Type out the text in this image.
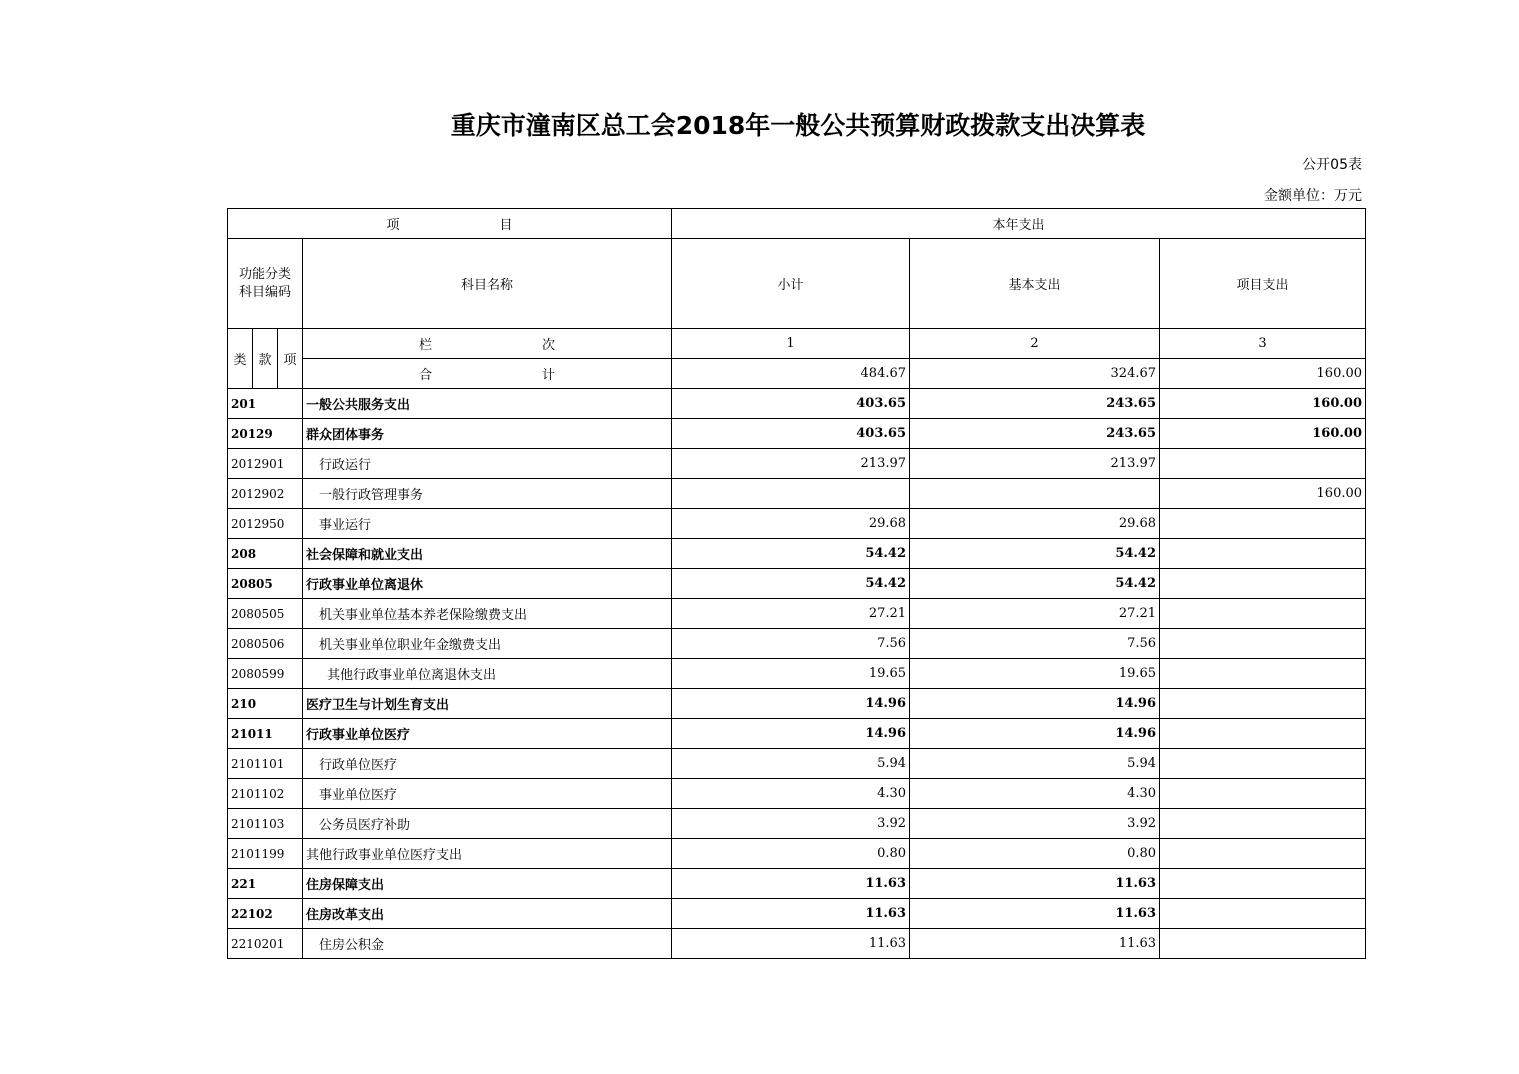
重庆市潼南区总工会2018年一般公共预算财政拨款支出决算表
公开05表
金额单位：万元
项 目				本年支出		
功能分类
科目编码			科目名称	小计	基本支出	项目支出
类	款	项	栏 次	1	2	3
			合 计	484.67	324.67	160.00
201			一般公共服务支出	403.65	243.65	160.00
20129			群众团体事务	403.65	243.65	160.00
2012901			行政运行	213.97	213.97	
2012902			一般行政管理事务			160.00
2012950			事业运行	29.68	29.68	
208			社会保障和就业支出	54.42	54.42	
20805			行政事业单位离退休	54.42	54.42	
2080505			机关事业单位基本养老保险缴费支出	27.21	27.21	
2080506			机关事业单位职业年金缴费支出	7.56	7.56	
2080599			其他行政事业单位离退休支出	19.65	19.65	
210			医疗卫生与计划生育支出	14.96	14.96	
21011			行政事业单位医疗	14.96	14.96	
2101101			行政单位医疗	5.94	5.94	
2101102			事业单位医疗	4.30	4.30	
2101103			公务员医疗补助	3.92	3.92	
2101199			其他行政事业单位医疗支出	0.80	0.80	
221			住房保障支出	11.63	11.63	
22102			住房改革支出	11.63	11.63	
2210201			住房公积金	11.63	11.63	
